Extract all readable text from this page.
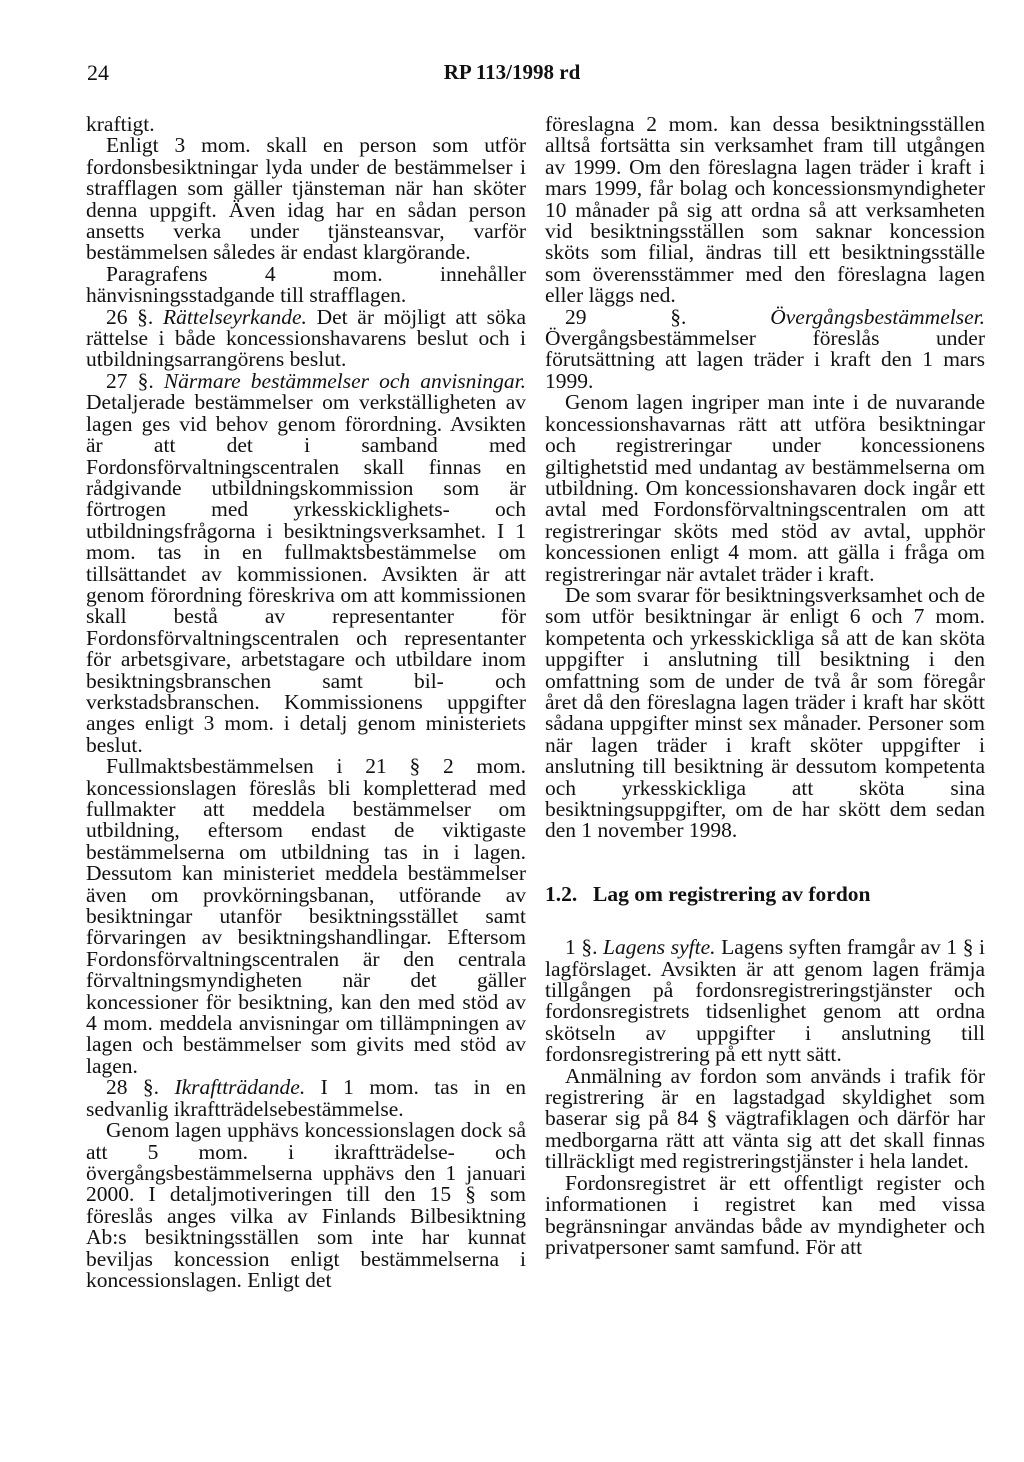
24	RP 113/1998 rd

kraftigt.

Enligt 3 mom. skall en person som utför fordonsbesiktningar lyda under de bestämmelser i strafflagen som gäller tjänsteman när han sköter denna uppgift. Även idag har en sådan person ansetts verka under tjänsteansvar, varför bestämmelsen således är endast klargörande.

Paragrafens 4 mom. innehåller hänvisningsstadgande till strafflagen.

26 §. Rättelseyrkande. Det är möjligt att söka rättelse i både koncessionshavarens beslut och i utbildningsarrangörens beslut.

27 §. Närmare bestämmelser och anvisningar. Detaljerade bestämmelser om verkställigheten av lagen ges vid behov genom förordning. Avsikten är att det i samband med Fordonsförvaltningscentralen skall finnas en rådgivande utbildningskommission som är förtrogen med yrkesskicklighets- och utbildningsfrågorna i besiktningsverksamhet. I 1 mom. tas in en fullmaktsbestämmelse om tillsättandet av kommissionen. Avsikten är att genom förordning föreskriva om att kommissionen skall bestå av representanter för Fordonsförvaltningscentralen och representanter för arbetsgivare, arbetstagare och utbildare inom besiktningsbranschen samt bil- och verkstadsbranschen. Kommissionens uppgifter anges enligt 3 mom. i detalj genom ministeriets beslut.

Fullmaktsbestämmelsen i 21 § 2 mom. koncessionslagen föreslås bli kompletterad med fullmakter att meddela bestämmelser om utbildning, eftersom endast de viktigaste bestämmelserna om utbildning tas in i lagen. Dessutom kan ministeriet meddela bestämmelser även om provkörningsbanan, utförande av besiktningar utanför besiktningsstället samt förvaringen av besiktningshandlingar. Eftersom Fordonsförvaltningscentralen är den centrala förvaltningsmyndigheten när det gäller koncessioner för besiktning, kan den med stöd av 4 mom. meddela anvisningar om tillämpningen av lagen och bestämmelser som givits med stöd av lagen.

28 §. Ikraftträdande. I 1 mom. tas in en sedvanlig ikraftträdelsebestämmelse.

Genom lagen upphävs koncessionslagen dock så att 5 mom. i ikraftträdelse- och övergångsbestämmelserna upphävs den 1 januari 2000. I detaljmotiveringen till den 15 § som föreslås anges vilka av Finlands Bilbesiktning Ab:s besiktningsställen som inte har kunnat beviljas koncession enligt bestämmelserna i koncessionslagen. Enligt det

föreslagna 2 mom. kan dessa besiktningsställen alltså fortsätta sin verksamhet fram till utgången av 1999. Om den föreslagna lagen träder i kraft i mars 1999, får bolag och koncessionsmyndigheter 10 månader på sig att ordna så att verksamheten vid besiktningsställen som saknar koncession sköts som filial, ändras till ett besiktningsställe som överensstämmer med den föreslagna lagen eller läggs ned.

29 §.	Övergångsbestämmelser. Övergångsbestämmelser föreslås under förutsättning att lagen träder i kraft den 1 mars 1999.

Genom lagen ingriper man inte i de nuvarande koncessionshavarnas rätt att utföra besiktningar och registreringar under koncessionens giltighetstid med undantag av bestämmelserna om utbildning. Om koncessionshavaren dock ingår ett avtal med Fordonsförvaltningscentralen om att registreringar sköts med stöd av avtal, upphör koncessionen enligt 4 mom. att gälla i fråga om registreringar när avtalet träder i kraft.

De som svarar för besiktningsverksamhet och de som utför besiktningar är enligt 6 och 7 mom. kompetenta och yrkesskickliga så att de kan sköta uppgifter i anslutning till besiktning i den omfattning som de under de två år som föregår året då den föreslagna lagen träder i kraft har skött sådana uppgifter minst sex månader. Personer som när lagen träder i kraft sköter uppgifter i anslutning till besiktning är dessutom kompetenta och yrkesskickliga att sköta sina besiktningsuppgifter, om de har skött dem sedan den 1 november 1998.

1.2. Lag om registrering av fordon

1 §. Lagens syfte. Lagens syften framgår av 1 § i lagförslaget. Avsikten är att genom lagen främja tillgången på fordonsregistreringstjänster och fordonsregistrets tidsenlighet genom att ordna skötseln av uppgifter i anslutning till fordonsregistrering på ett nytt sätt.

Anmälning av fordon som används i trafik för registrering är en lagstadgad skyldighet som baserar sig på 84 § vägtrafiklagen och därför har medborgarna rätt att vänta sig att det skall finnas tillräckligt med registreringstjänster i hela landet.

Fordonsregistret är ett offentligt register och informationen i registret kan med vissa begränsningar användas både av myndigheter och privatpersoner samt samfund. För att
